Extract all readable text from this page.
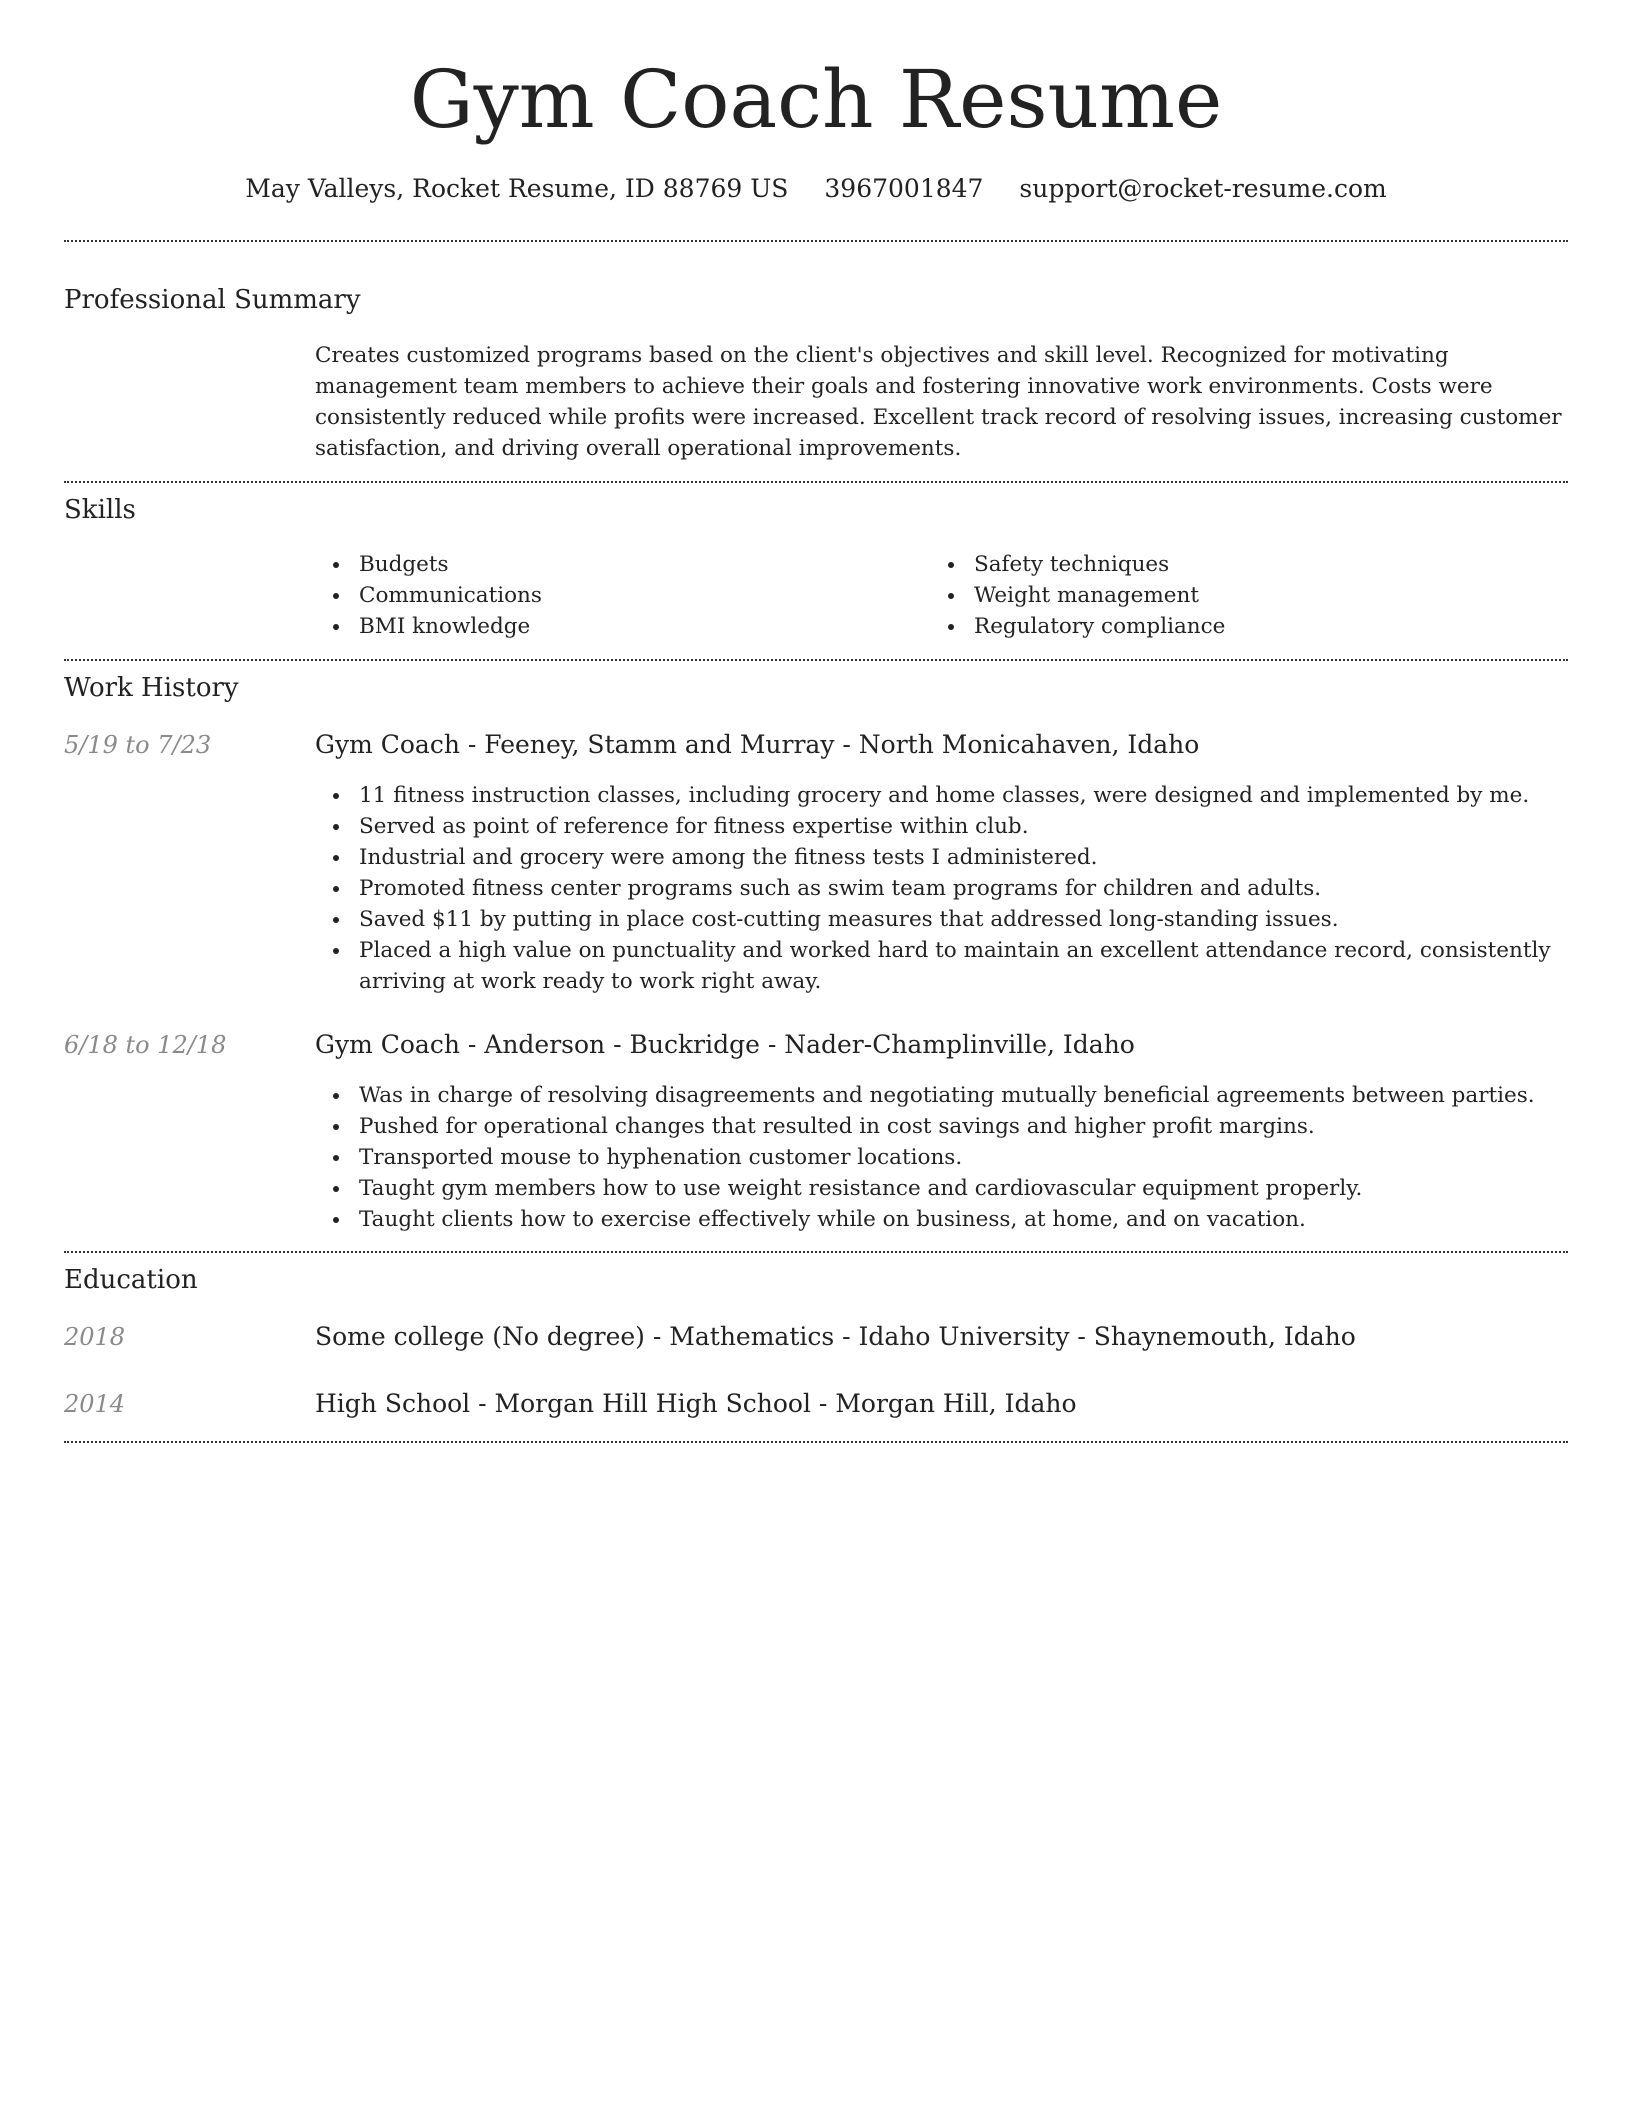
Gym Coach Resume
May Valleys, Rocket Resume, ID 88769 US 3967001847 support@rocket-resume.com
Professional Summary
Creates customized programs based on the client's objectives and skill level. Recognized for motivating management team members to achieve their goals and fostering innovative work environments. Costs were consistently reduced while profits were increased. Excellent track record of resolving issues, increasing customer satisfaction, and driving overall operational improvements.
Skills
Budgets
Communications
BMI knowledge
Safety techniques
Weight management
Regulatory compliance
Work History
5/19 to 7/23	Gym Coach - Feeney, Stamm and Murray - North Monicahaven, Idaho
11 fitness instruction classes, including grocery and home classes, were designed and implemented by me.
Served as point of reference for fitness expertise within club.
Industrial and grocery were among the fitness tests I administered.
Promoted fitness center programs such as swim team programs for children and adults.
Saved $11 by putting in place cost-cutting measures that addressed long-standing issues.
Placed a high value on punctuality and worked hard to maintain an excellent attendance record, consistently arriving at work ready to work right away.
6/18 to 12/18	Gym Coach - Anderson - Buckridge - Nader-Champlinville, Idaho
Was in charge of resolving disagreements and negotiating mutually beneficial agreements between parties.
Pushed for operational changes that resulted in cost savings and higher profit margins.
Transported mouse to hyphenation customer locations.
Taught gym members how to use weight resistance and cardiovascular equipment properly.
Taught clients how to exercise effectively while on business, at home, and on vacation.
Education
2018	Some college (No degree) - Mathematics - Idaho University - Shaynemouth, Idaho
2014	High School - Morgan Hill High School - Morgan Hill, Idaho
